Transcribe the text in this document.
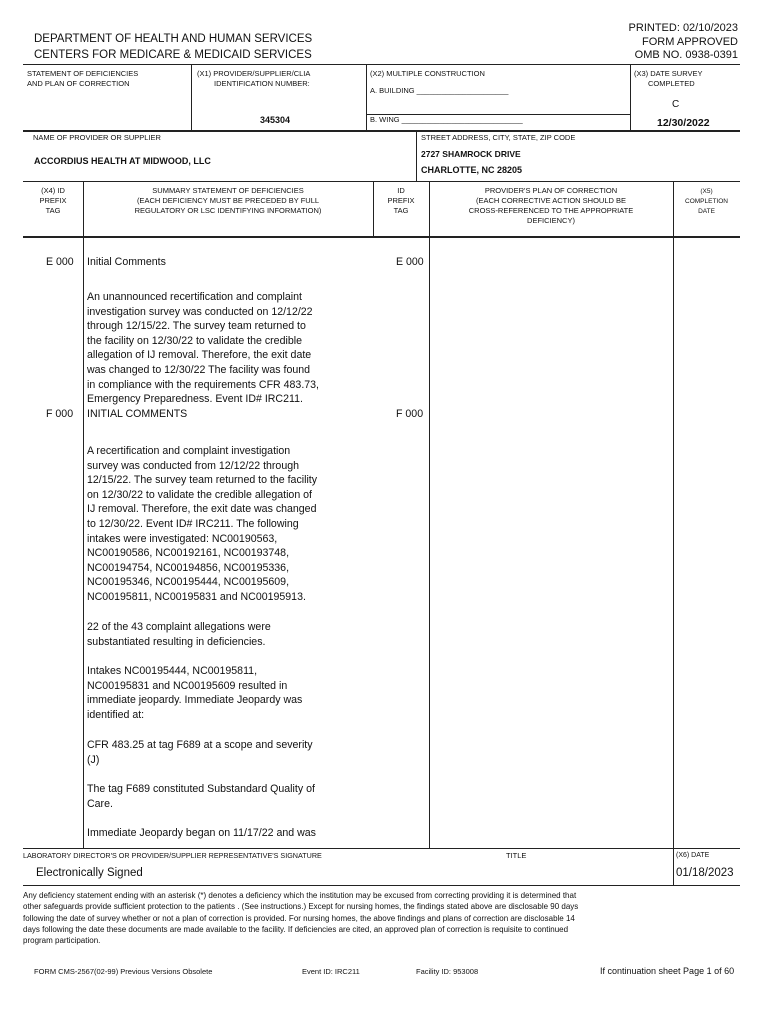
DEPARTMENT OF HEALTH AND HUMAN SERVICES
CENTERS FOR MEDICARE & MEDICAID SERVICES
PRINTED: 02/10/2023
FORM APPROVED
OMB NO. 0938-0391
STATEMENT OF DEFICIENCIES
AND PLAN OF CORRECTION
(X1) PROVIDER/SUPPLIER/CLIA
IDENTIFICATION NUMBER:
345304
(X2) MULTIPLE CONSTRUCTION
A. BUILDING ______________________
B. WING _____________________________
(X3) DATE SURVEY
COMPLETED
C
12/30/2022
NAME OF PROVIDER OR SUPPLIER
ACCORDIUS HEALTH AT MIDWOOD, LLC
STREET ADDRESS, CITY, STATE, ZIP CODE
2727 SHAMROCK DRIVE
CHARLOTTE, NC 28205
(X4) ID
PREFIX
TAG
SUMMARY STATEMENT OF DEFICIENCIES
(EACH DEFICIENCY MUST BE PRECEDED BY FULL
REGULATORY OR LSC IDENTIFYING INFORMATION)
ID
PREFIX
TAG
PROVIDER'S PLAN OF CORRECTION
(EACH CORRECTIVE ACTION SHOULD BE
CROSS-REFERENCED TO THE APPROPRIATE
DEFICIENCY)
(X5)
COMPLETION
DATE
E 000 Initial Comments	E 000
An unannounced recertification and complaint
investigation survey was conducted on 12/12/22
through 12/15/22. The survey team returned to
the facility on 12/30/22 to validate the credible
allegation of IJ removal. Therefore, the exit date
was changed to 12/30/22 The facility was found
in compliance with the requirements CFR 483.73,
Emergency Preparedness. Event ID# IRC211.
F 000 INITIAL COMMENTS	F 000
A recertification and complaint investigation
survey was conducted from 12/12/22 through
12/15/22. The survey team returned to the facility
on 12/30/22 to validate the credible allegation of
IJ removal. Therefore, the exit date was changed
to 12/30/22. Event ID# IRC211. The following
intakes were investigated: NC00190563,
NC00190586, NC00192161, NC00193748,
NC00194754, NC00194856, NC00195336,
NC00195346, NC00195444, NC00195609,
NC00195811, NC00195831 and NC00195913.
22 of the 43 complaint allegations were
substantiated resulting in deficiencies.
Intakes NC00195444, NC00195811,
NC00195831 and NC00195609 resulted in
immediate jeopardy. Immediate Jeopardy was
identified at:
CFR 483.25 at tag F689 at a scope and severity
(J)
The tag F689 constituted Substandard Quality of
Care.
Immediate Jeopardy began on 11/17/22 and was
LABORATORY DIRECTOR'S OR PROVIDER/SUPPLIER REPRESENTATIVE'S SIGNATURE	TITLE	(X6) DATE
Electronically Signed	01/18/2023
Any deficiency statement ending with an asterisk (*) denotes a deficiency which the institution may be excused from correcting providing it is determined that
other safeguards provide sufficient protection to the patients . (See instructions.) Except for nursing homes, the findings stated above are disclosable 90 days
following the date of survey whether or not a plan of correction is provided. For nursing homes, the above findings and plans of correction are disclosable 14
days following the date these documents are made available to the facility. If deficiencies are cited, an approved plan of correction is requisite to continued
program participation.
FORM CMS-2567(02-99) Previous Versions Obsolete	Event ID: IRC211	Facility ID: 953008	If continuation sheet Page 1 of 60
